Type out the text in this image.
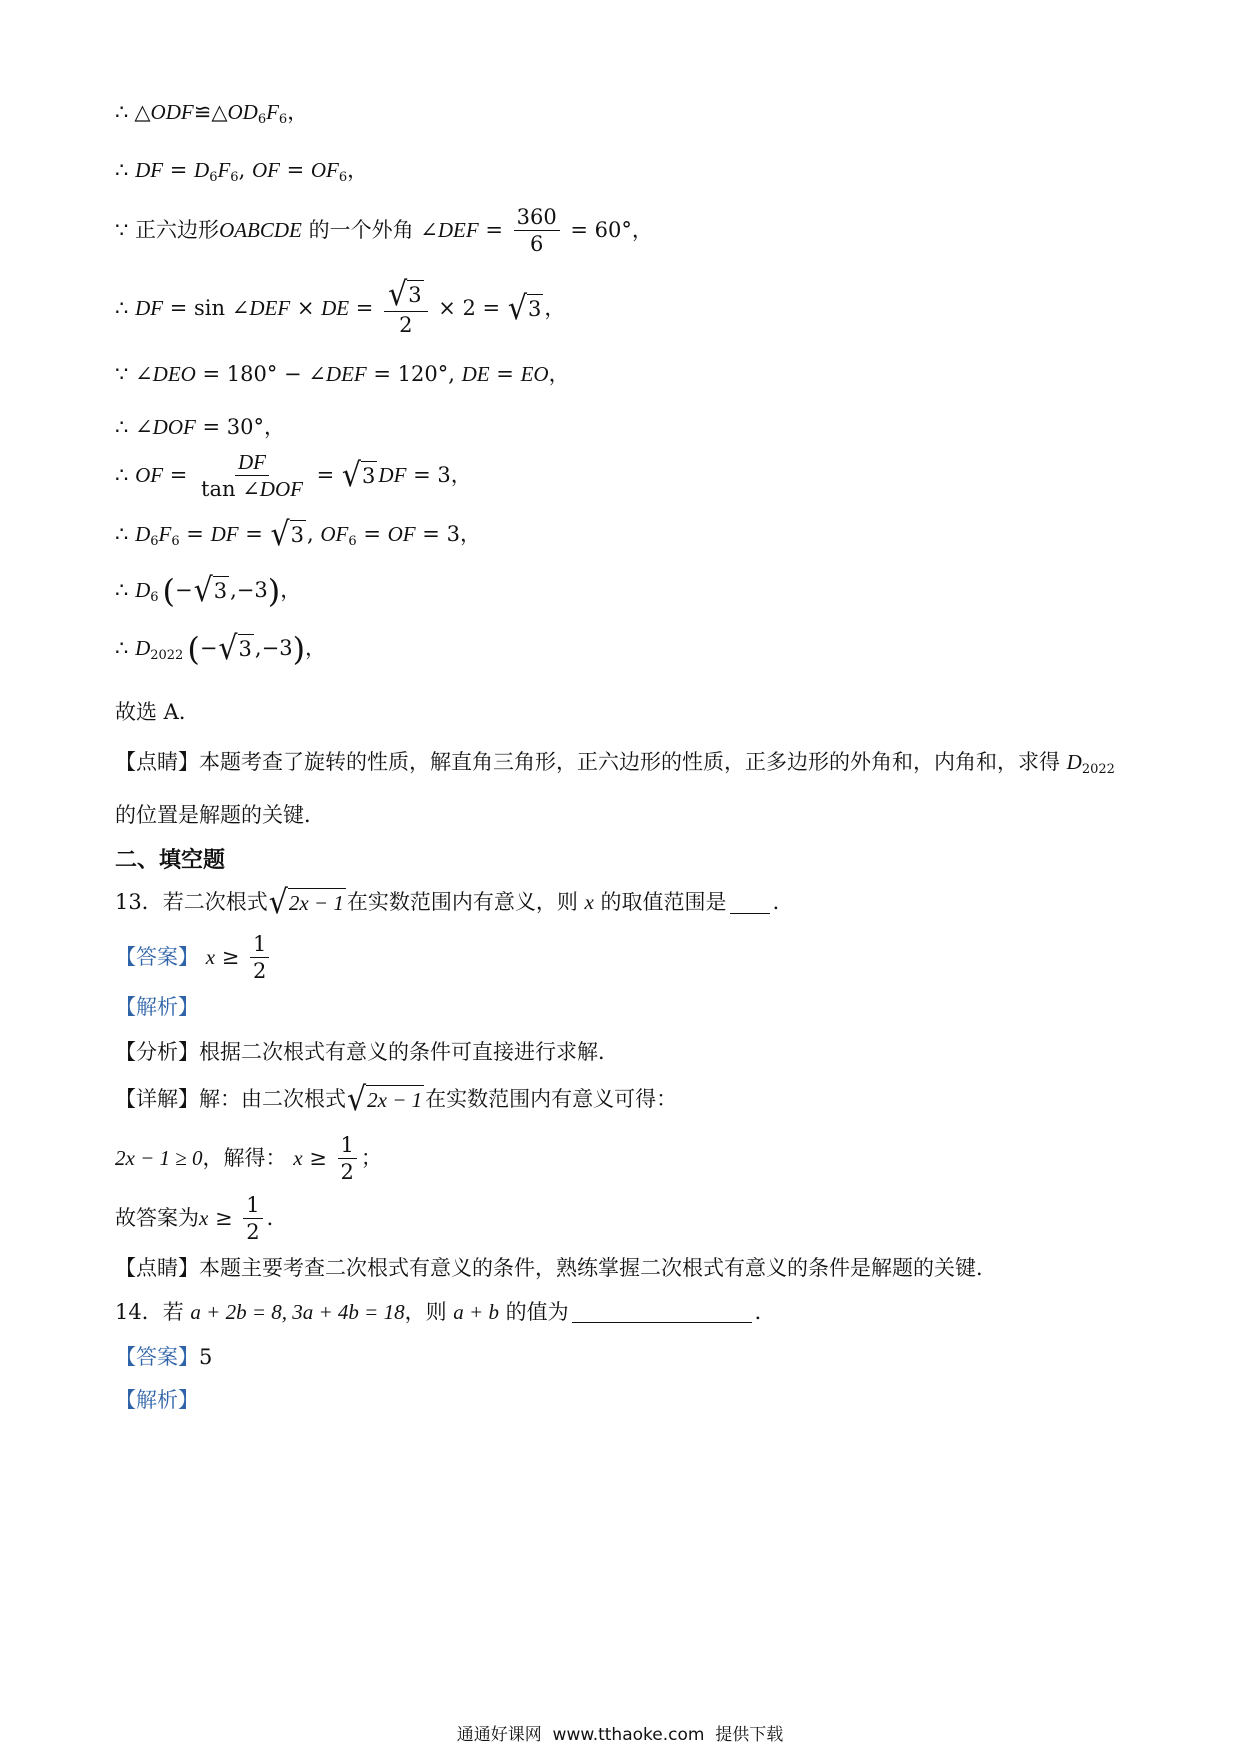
∴ △ ODF ≌ △ OD 6 F 6 ，
∴
DF = D 6 F 6 , OF = OF 6 ，
∵ 正六边形 OABCDE 的一个外角
∠DEF = $\frac{360}{6} = 60^\circ$ ，
∴
DF = sin
∠DEF × DE = $\frac{√ 3}{2} \times 2$ = √ 3 ，
∵
∠DEO = 180° − ∠DEF = 120°, DE = EO ，
∴
∠DOF = 30° ，
∴
OF = $\frac{DF}{\text{tan ∠DOF}}$ = √ 3 DF = 3 ，
∴
D 6 F 6 = DF = √ 3 , OF 6 = OF = 3 ，
∴
D 6 ( − √ 3 ,−3 ) ，
∴
D 2022 ( − √ 3 ,−3 ) ，
故选 A．
【点睛】 本题考查了旋转的性质，解直角三角形，正六边形的性质，正多边形的外角和，内角和，求得 D 2022
的位置是解题的关键．
二、填空题
13． 若二次根式 √ 2x − 1 在实数范围内有意义，则 x 的取值范围是 ．
【答案】
$x \ge \frac{1}{2}$
【解析】
【分析】 根据二次根式有意义的条件可直接进行求解．
【详解】 解：由二次根式 √ 2x − 1 在实数范围内有意义可得：
2x − 1 ≥ 0 ，解得：
$x \ge \frac{1}{2}$ ；
故答案为 $x \ge \frac{1}{2}$ ．
【点睛】 本题主要考查二次根式有意义的条件，熟练掌握二次根式有意义的条件是解题的关键．
14． 若 a + 2b = 8, 3a + 4b = 18 ，则 a + b 的值为	．
【答案】 5
【解析】
通通好课网  www.tthaoke.com  提供下载
